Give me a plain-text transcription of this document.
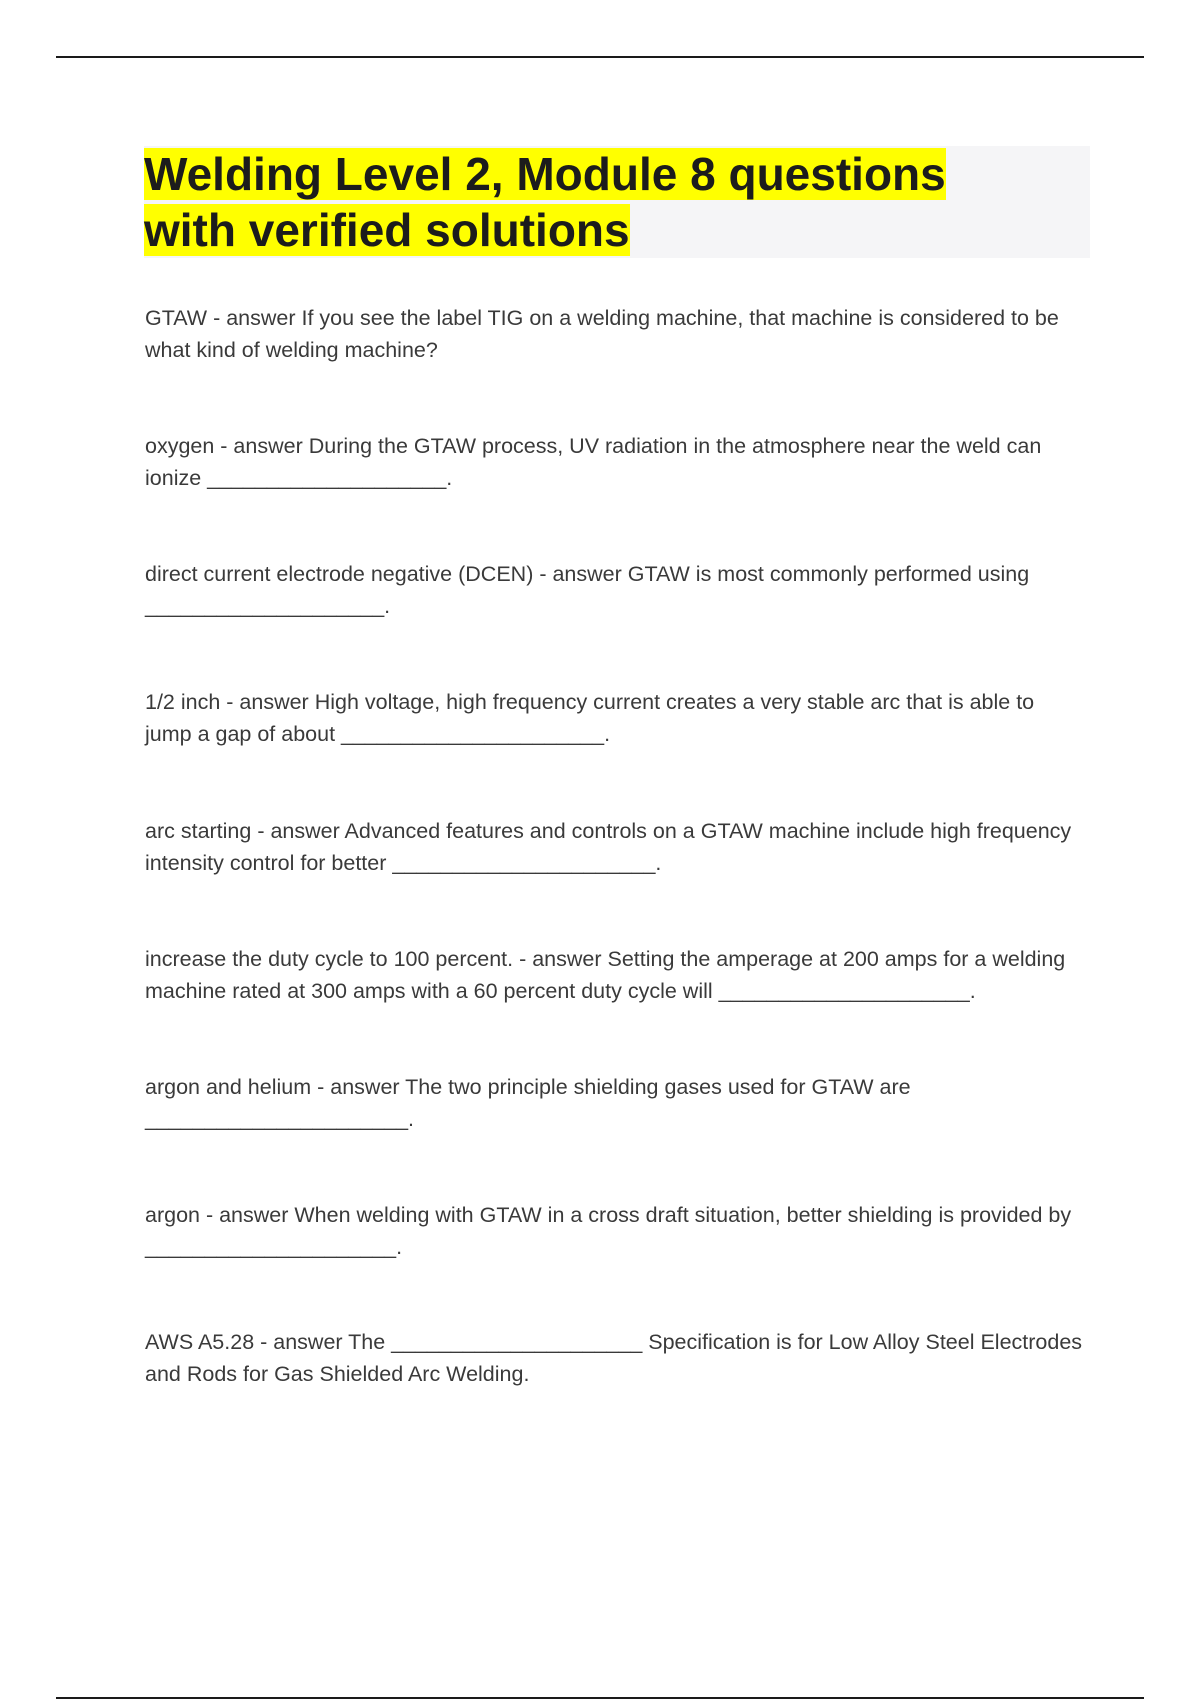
Welding Level 2, Module 8 questions
with verified solutions

GTAW - answer If you see the label TIG on a welding machine, that machine is considered to be what kind of welding machine?

oxygen - answer During the GTAW process, UV radiation in the atmosphere near the weld can ionize ____________________.

direct current electrode negative (DCEN) - answer GTAW is most commonly performed using ____________________.

1/2 inch - answer High voltage, high frequency current creates a very stable arc that is able to jump a gap of about ______________________.

arc starting - answer Advanced features and controls on a GTAW machine include high frequency intensity control for better ______________________.

increase the duty cycle to 100 percent. - answer Setting the amperage at 200 amps for a welding machine rated at 300 amps with a 60 percent duty cycle will _____________________.

argon and helium - answer The two principle shielding gases used for GTAW are ______________________.

argon - answer When welding with GTAW in a cross draft situation, better shielding is provided by _____________________.

AWS A5.28 - answer The _____________________ Specification is for Low Alloy Steel Electrodes and Rods for Gas Shielded Arc Welding.
